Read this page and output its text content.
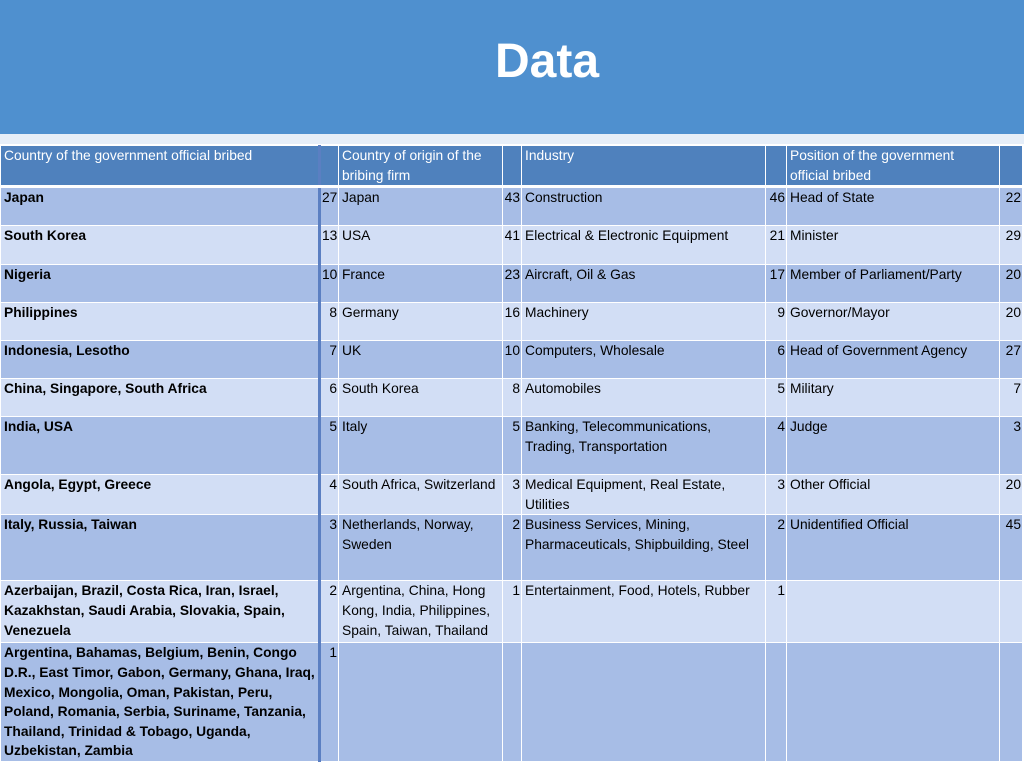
Data
Country of the government official bribed		Country of origin of the bribing firm		Industry		Position of the government official bribed	
Japan	27	Japan	43	Construction	46	Head of State	22
South Korea	13	USA	41	Electrical & Electronic Equipment	21	Minister	29
Nigeria	10	France	23	Aircraft, Oil & Gas	17	Member of Parliament/Party	20
Philippines	8	Germany	16	Machinery	9	Governor/Mayor	20
Indonesia, Lesotho	7	UK	10	Computers, Wholesale	6	Head of Government Agency	27
China, Singapore, South Africa	6	South Korea	8	Automobiles	5	Military	7
India, USA	5	Italy	5	Banking, Telecommunications, Trading, Transportation	4	Judge	3
Angola, Egypt, Greece	4	South Africa, Switzerland	3	Medical Equipment, Real Estate, Utilities	3	Other Official	20
Italy, Russia, Taiwan	3	Netherlands, Norway, Sweden	2	Business Services, Mining, Pharmaceuticals, Shipbuilding, Steel	2	Unidentified Official	45
Azerbaijan, Brazil, Costa Rica, Iran, Israel, Kazakhstan, Saudi Arabia, Slovakia, Spain, Venezuela	2	Argentina, China, Hong Kong, India, Philippines, Spain, Taiwan, Thailand	1	Entertainment, Food, Hotels, Rubber	1		
Argentina, Bahamas, Belgium, Benin, Congo D.R., East Timor, Gabon, Germany, Ghana, Iraq, Mexico, Mongolia, Oman, Pakistan, Peru, Poland, Romania, Serbia, Suriname, Tanzania, Thailand, Trinidad & Tobago, Uganda, Uzbekistan, Zambia	1						
